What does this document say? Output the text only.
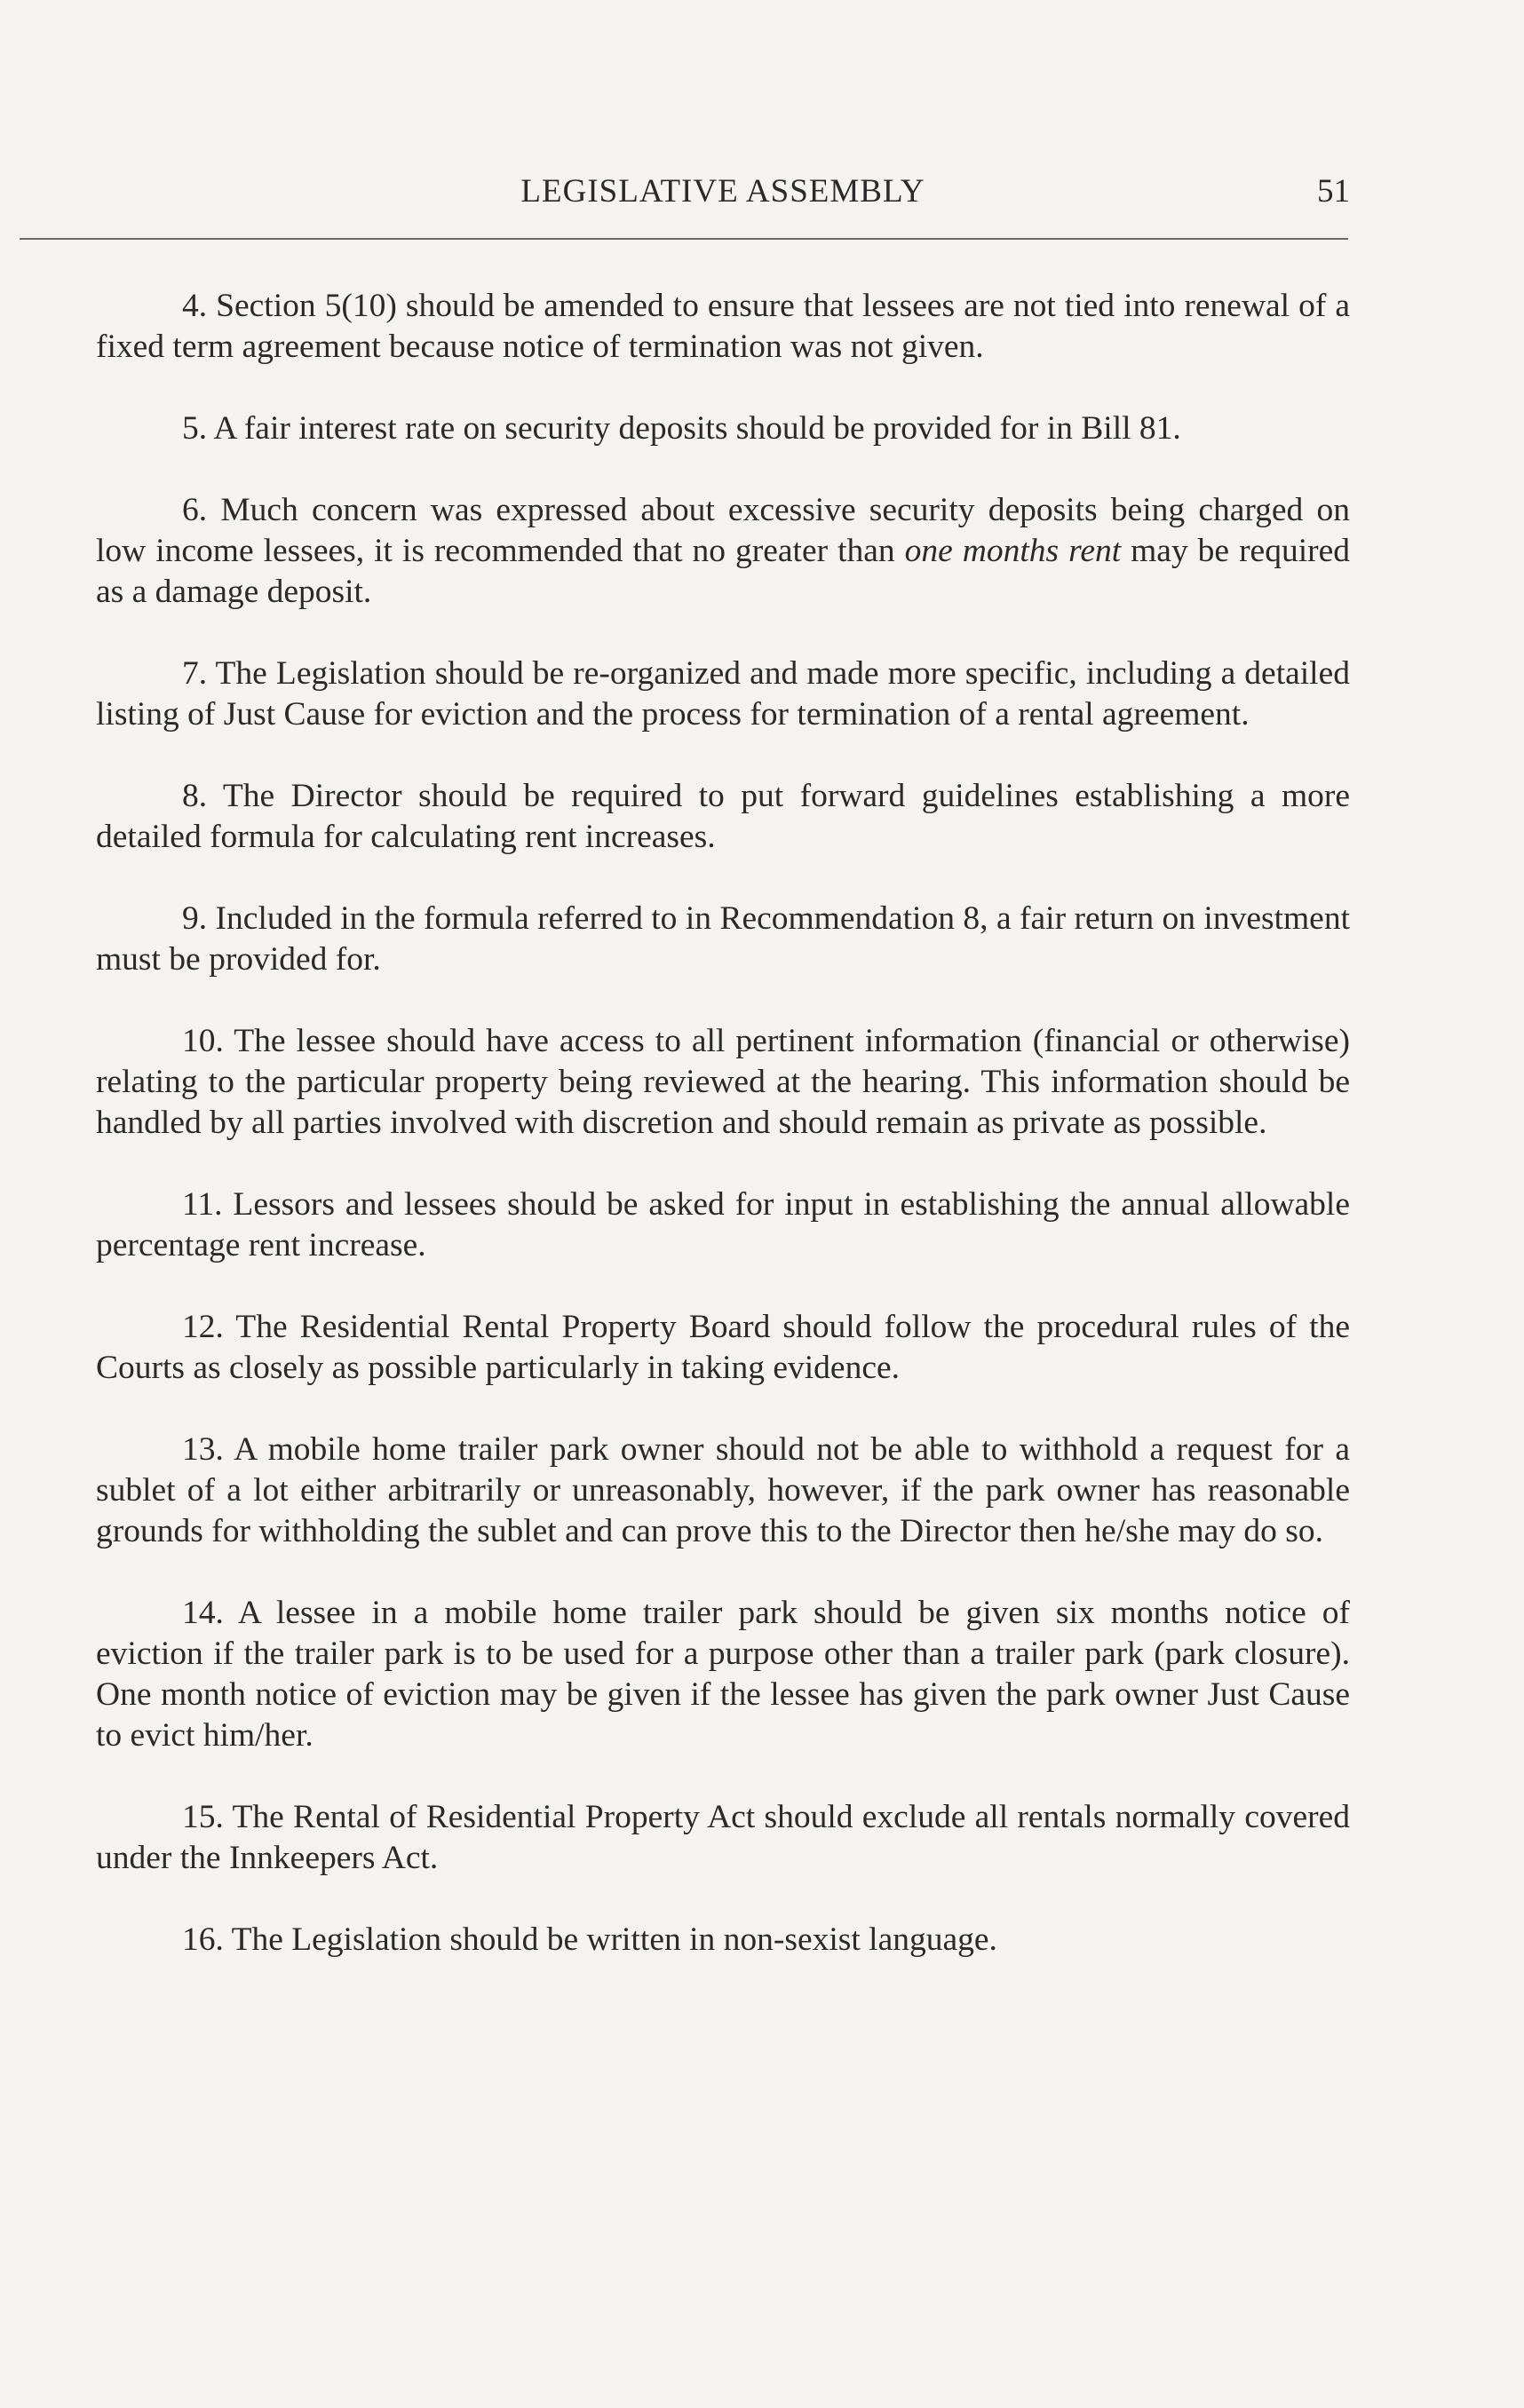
LEGISLATIVE ASSEMBLY	51

4. Section 5(10) should be amended to ensure that lessees are not tied into renewal of a fixed term agreement because notice of termination was not given.

5. A fair interest rate on security deposits should be provided for in Bill 81.

6. Much concern was expressed about excessive security deposits being charged on low income lessees, it is recommended that no greater than one months rent may be required as a damage deposit.

7. The Legislation should be re-organized and made more specific, including a detailed listing of Just Cause for eviction and the process for termination of a rental agreement.

8. The Director should be required to put forward guidelines establishing a more detailed formula for calculating rent increases.

9. Included in the formula referred to in Recommendation 8, a fair return on investment must be provided for.

10. The lessee should have access to all pertinent information (financial or otherwise) relating to the particular property being reviewed at the hearing. This information should be handled by all parties involved with discretion and should remain as private as possible.

11. Lessors and lessees should be asked for input in establishing the annual allowable percentage rent increase.

12. The Residential Rental Property Board should follow the procedural rules of the Courts as closely as possible particularly in taking evidence.

13. A mobile home trailer park owner should not be able to withhold a request for a sublet of a lot either arbitrarily or unreasonably, however, if the park owner has reasonable grounds for withholding the sublet and can prove this to the Director then he/she may do so.

14. A lessee in a mobile home trailer park should be given six months notice of eviction if the trailer park is to be used for a purpose other than a trailer park (park closure). One month notice of eviction may be given if the lessee has given the park owner Just Cause to evict him/her.

15. The Rental of Residential Property Act should exclude all rentals normally covered under the Innkeepers Act.

16. The Legislation should be written in non-sexist language.
